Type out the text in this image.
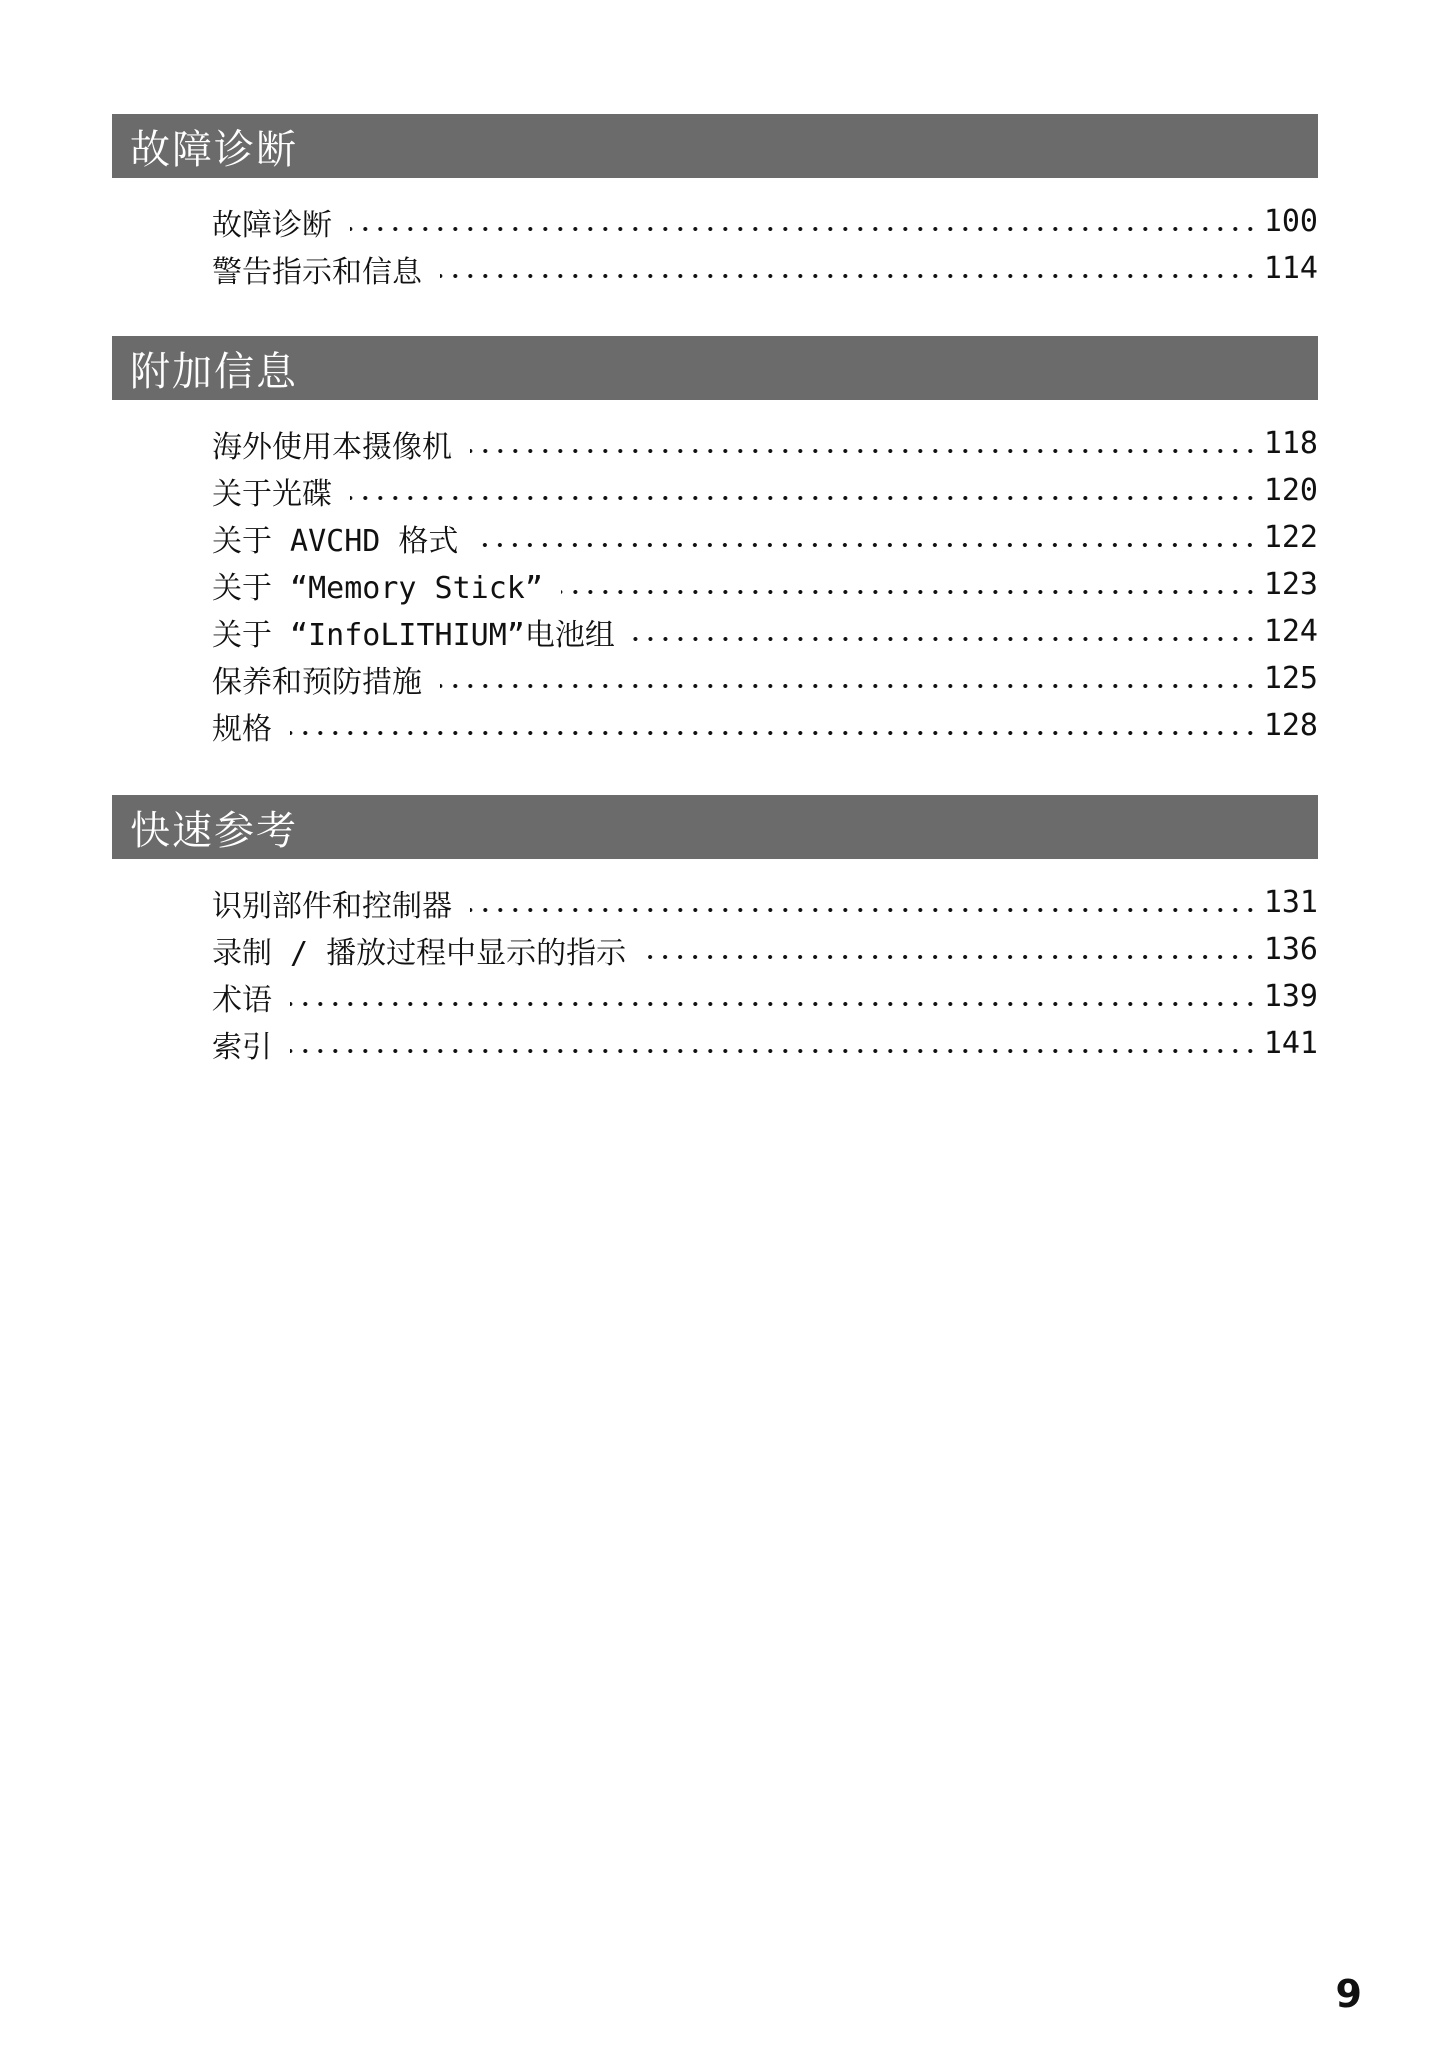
故障诊断
故障诊断	100
警告指示和信息	114
附加信息
海外使用本摄像机	118
关于光碟	120
关于 AVCHD 格式	122
关于 “Memory Stick”	123
关于 “InfoLITHIUM”电池组	124
保养和预防措施	125
规格	128
快速参考
识别部件和控制器	131
录制 / 播放过程中显示的指示	136
术语	139
索引	141
9
